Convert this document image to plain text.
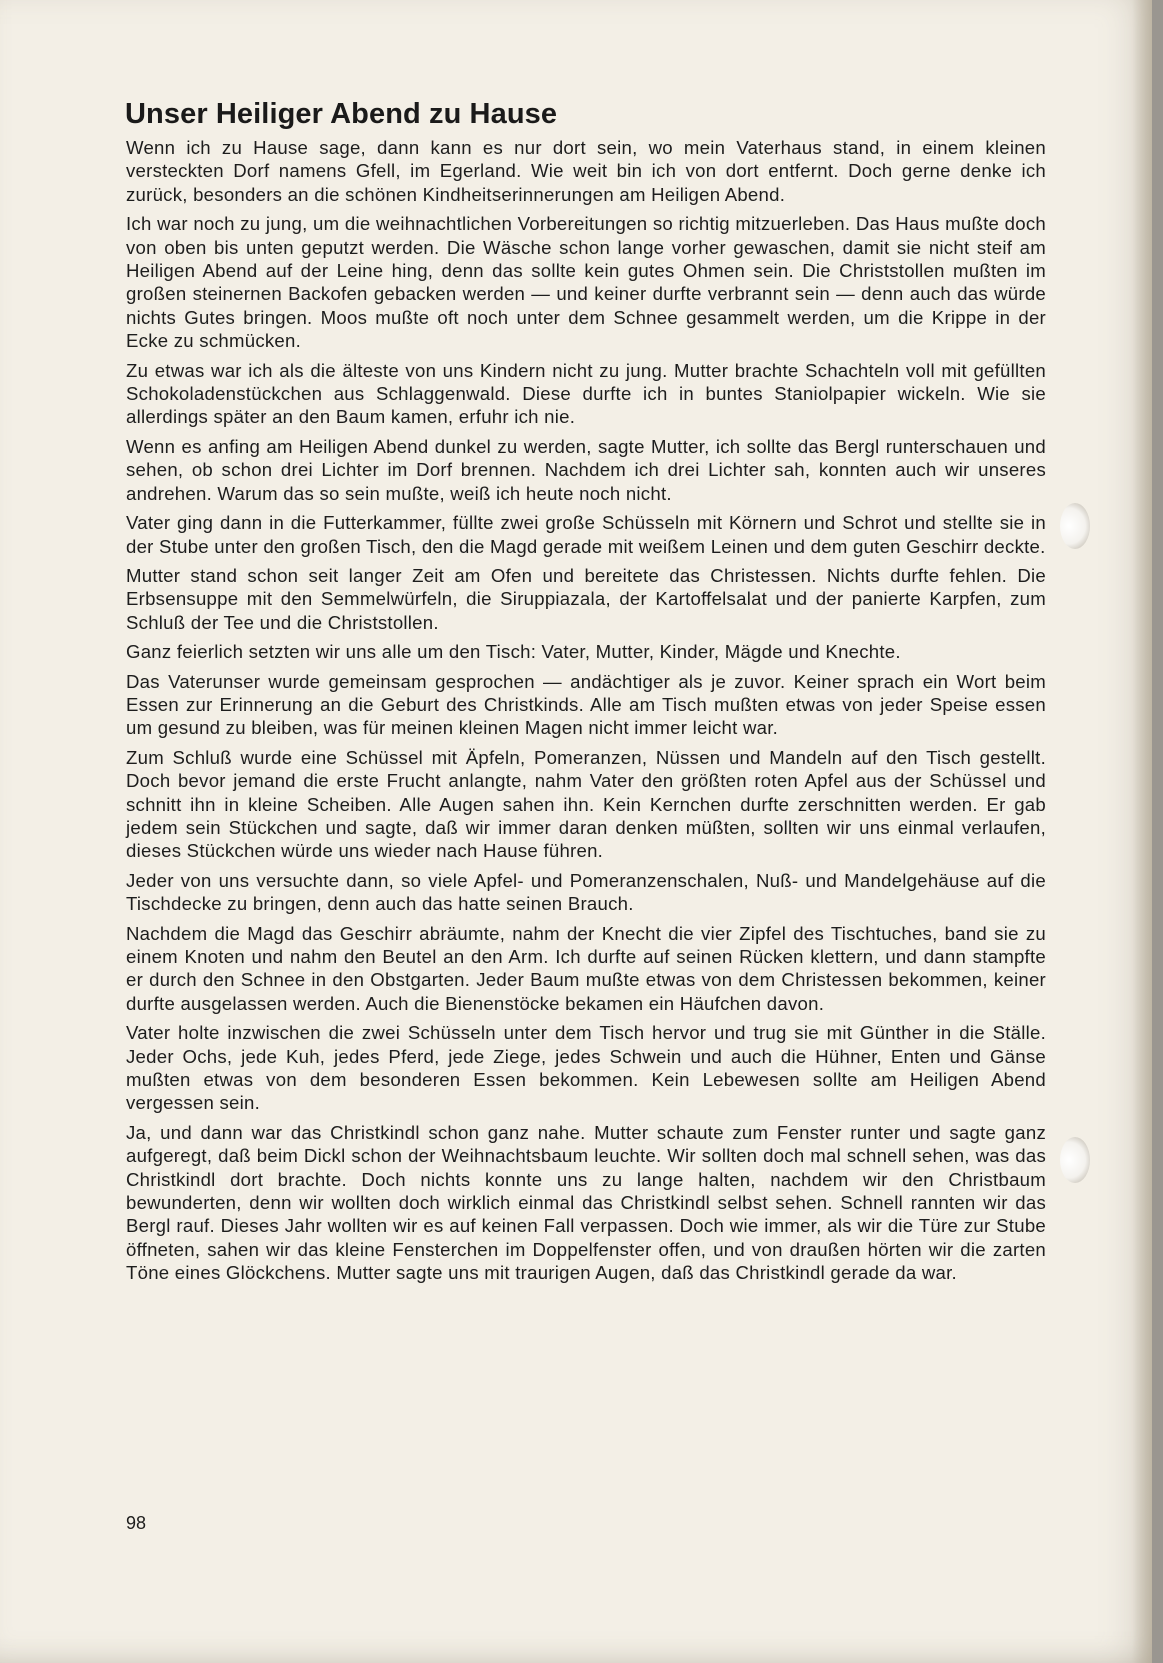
Unser Heiliger Abend zu Hause

Wenn ich zu Hause sage, dann kann es nur dort sein, wo mein Vaterhaus stand, in einem kleinen versteckten Dorf namens Gfell, im Egerland. Wie weit bin ich von dort entfernt. Doch gerne denke ich zurück, besonders an die schönen Kindheitserinnerungen am Heiligen Abend.

Ich war noch zu jung, um die weihnachtlichen Vorbereitungen so richtig mitzuerleben. Das Haus mußte doch von oben bis unten geputzt werden. Die Wäsche schon lange vorher gewaschen, damit sie nicht steif am Heiligen Abend auf der Leine hing, denn das sollte kein gutes Ohmen sein. Die Christstollen mußten im großen steinernen Backofen gebacken werden — und keiner durfte verbrannt sein — denn auch das würde nichts Gutes bringen. Moos mußte oft noch unter dem Schnee gesammelt werden, um die Krippe in der Ecke zu schmücken.

Zu etwas war ich als die älteste von uns Kindern nicht zu jung. Mutter brachte Schachteln voll mit gefüllten Schokoladenstückchen aus Schlaggenwald. Diese durfte ich in buntes Staniolpapier wickeln. Wie sie allerdings später an den Baum kamen, erfuhr ich nie.

Wenn es anfing am Heiligen Abend dunkel zu werden, sagte Mutter, ich sollte das Bergl runterschauen und sehen, ob schon drei Lichter im Dorf brennen. Nachdem ich drei Lichter sah, konnten auch wir unseres andrehen. Warum das so sein mußte, weiß ich heute noch nicht.

Vater ging dann in die Futterkammer, füllte zwei große Schüsseln mit Körnern und Schrot und stellte sie in der Stube unter den großen Tisch, den die Magd gerade mit weißem Leinen und dem guten Geschirr deckte.

Mutter stand schon seit langer Zeit am Ofen und bereitete das Christessen. Nichts durfte fehlen. Die Erbsensuppe mit den Semmelwürfeln, die Siruppiazala, der Kartoffelsalat und der panierte Karpfen, zum Schluß der Tee und die Christstollen.

Ganz feierlich setzten wir uns alle um den Tisch: Vater, Mutter, Kinder, Mägde und Knechte.

Das Vaterunser wurde gemeinsam gesprochen — andächtiger als je zuvor. Keiner sprach ein Wort beim Essen zur Erinnerung an die Geburt des Christkinds. Alle am Tisch mußten etwas von jeder Speise essen um gesund zu bleiben, was für meinen kleinen Magen nicht immer leicht war.

Zum Schluß wurde eine Schüssel mit Äpfeln, Pomeranzen, Nüssen und Mandeln auf den Tisch gestellt. Doch bevor jemand die erste Frucht anlangte, nahm Vater den größten roten Apfel aus der Schüssel und schnitt ihn in kleine Scheiben. Alle Augen sahen ihn. Kein Kernchen durfte zerschnitten werden. Er gab jedem sein Stückchen und sagte, daß wir immer daran denken müßten, sollten wir uns einmal verlaufen, dieses Stückchen würde uns wieder nach Hause führen.

Jeder von uns versuchte dann, so viele Apfel- und Pomeranzenschalen, Nuß- und Mandelgehäuse auf die Tischdecke zu bringen, denn auch das hatte seinen Brauch.

Nachdem die Magd das Geschirr abräumte, nahm der Knecht die vier Zipfel des Tischtuches, band sie zu einem Knoten und nahm den Beutel an den Arm. Ich durfte auf seinen Rücken klettern, und dann stampfte er durch den Schnee in den Obstgarten. Jeder Baum mußte etwas von dem Christessen bekommen, keiner durfte ausgelassen werden. Auch die Bienenstöcke bekamen ein Häufchen davon.

Vater holte inzwischen die zwei Schüsseln unter dem Tisch hervor und trug sie mit Günther in die Ställe. Jeder Ochs, jede Kuh, jedes Pferd, jede Ziege, jedes Schwein und auch die Hühner, Enten und Gänse mußten etwas von dem besonderen Essen bekommen. Kein Lebewesen sollte am Heiligen Abend vergessen sein.

Ja, und dann war das Christkindl schon ganz nahe. Mutter schaute zum Fenster runter und sagte ganz aufgeregt, daß beim Dickl schon der Weihnachtsbaum leuchte. Wir sollten doch mal schnell sehen, was das Christkindl dort brachte. Doch nichts konnte uns zu lange halten, nachdem wir den Christbaum bewunderten, denn wir wollten doch wirklich einmal das Christkindl selbst sehen. Schnell rannten wir das Bergl rauf. Dieses Jahr wollten wir es auf keinen Fall verpassen. Doch wie immer, als wir die Türe zur Stube öffneten, sahen wir das kleine Fensterchen im Doppelfenster offen, und von draußen hörten wir die zarten Töne eines Glöckchens. Mutter sagte uns mit traurigen Augen, daß das Christkindl gerade da war.

98
